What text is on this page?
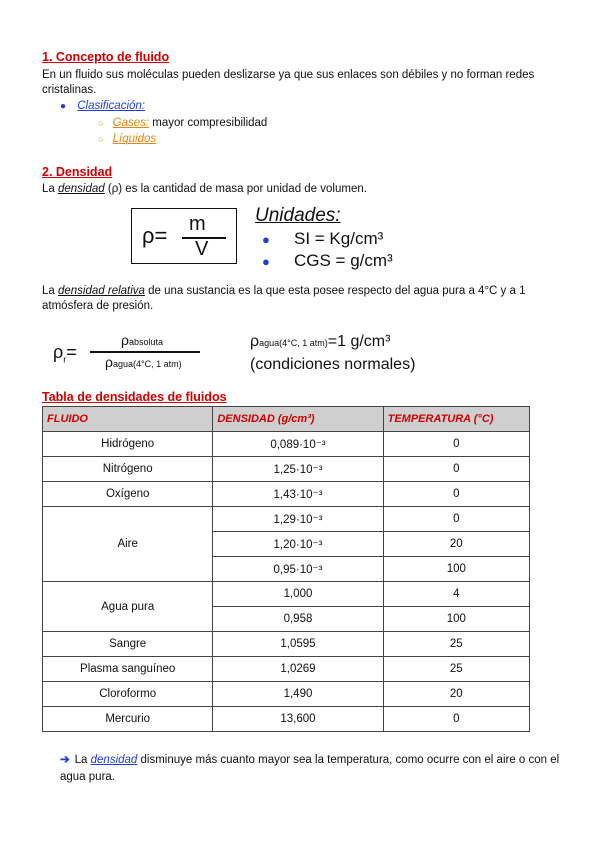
1. Concepto de fluido
En un fluido sus moléculas pueden deslizarse ya que sus enlaces son débiles y no forman redes cristalinas.
● Clasificación:
○ Gases: mayor compresibilidad
○ Líquidos
2. Densidad
La densidad (ρ) es la cantidad de masa por unidad de volumen.
ρ= m
V
Unidades:
● SI = Kg/cm³
● CGS = g/cm³
La densidad relativa de una sustancia es la que esta posee respecto del agua pura a 4°C y a 1 atmósfera de presión.
$\rho_r=$
ρabsoluta
ρagua(4°C, 1 atm)
ρagua(4°C, 1 atm)=1 g/cm³
(condiciones normales)
Tabla de densidades de fluidos
FLUIDO	DENSIDAD (g/cm³)	TEMPERATURA (°C)
Hidrógeno	0,089·10⁻³	0
Nitrógeno	1,25·10⁻³	0
Oxígeno	1,43·10⁻³	0
Aire	1,29·10⁻³	0
	1,20·10⁻³	20
	0,95·10⁻³	100
Agua pura	1,000	4
	0,958	100
Sangre	1,0595	25
Plasma sanguíneo	1,0269	25
Cloroformo	1,490	20
Mercurio	13,600	0
➔ La densidad disminuye más cuanto mayor sea la temperatura, como ocurre con el aire o con el agua pura.
